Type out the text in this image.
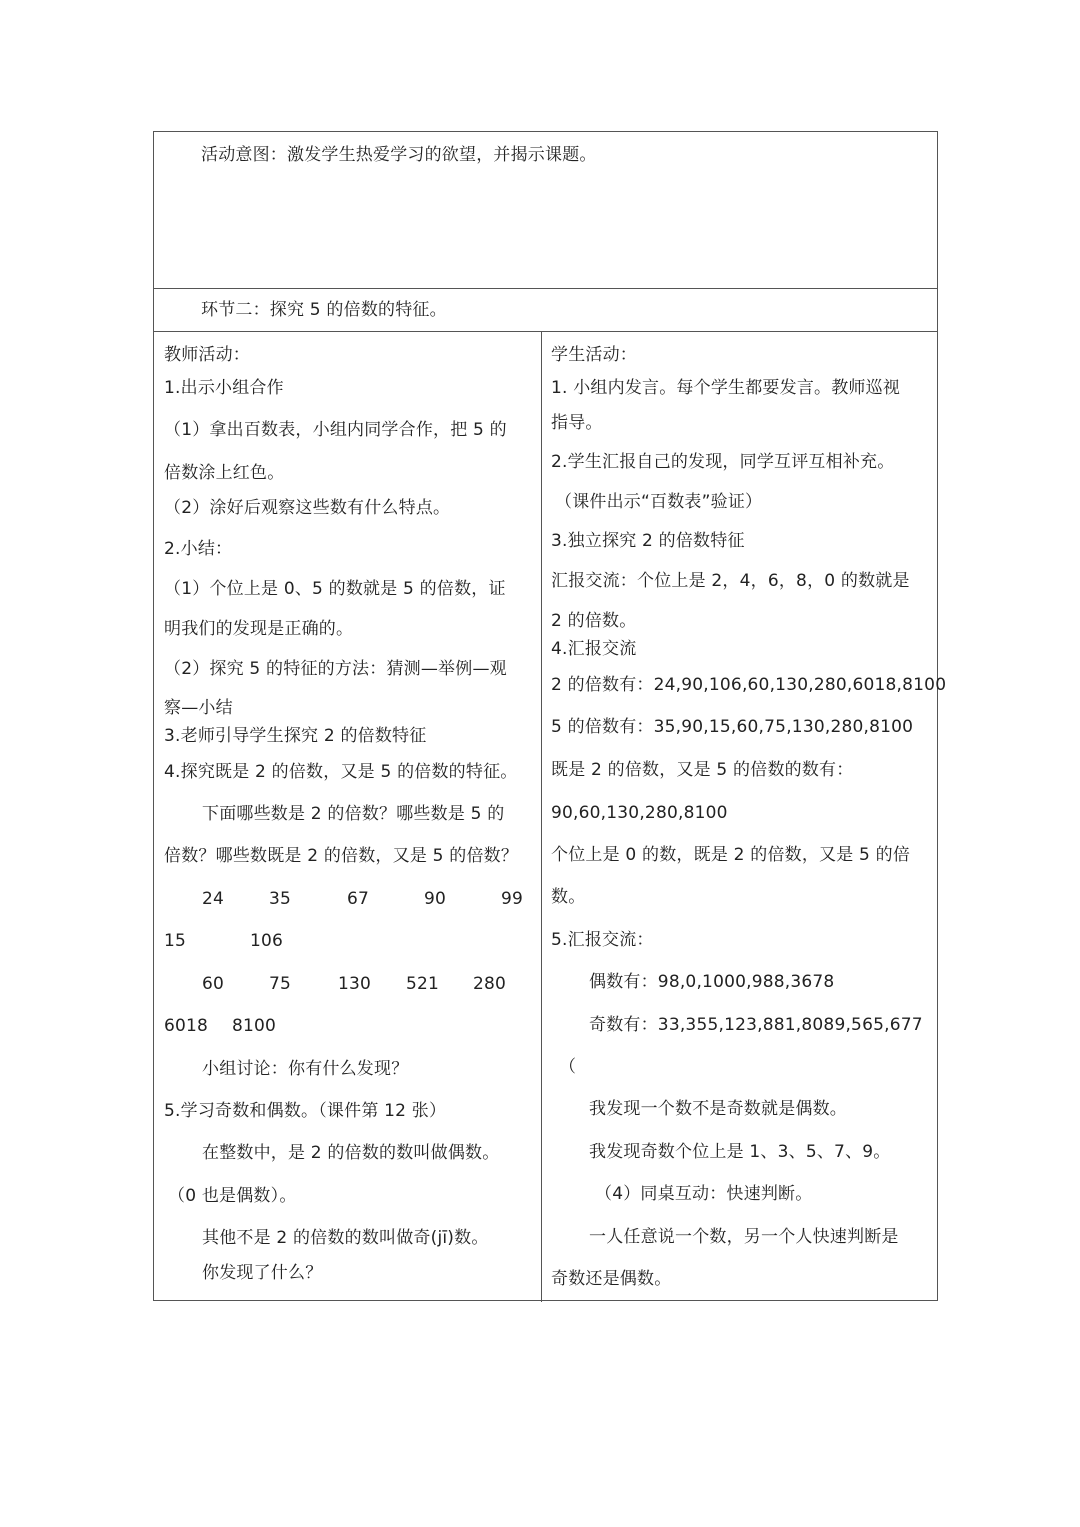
活动意图：激发学生热爱学习的欲望，并揭示课题。
环节二：探究 5 的倍数的特征。
教师活动：
1.出示小组合作
（1）拿出百数表，小组内同学合作，把 5 的
倍数涂上红色。
（2）涂好后观察这些数有什么特点。
2.小结：
（1）个位上是 0、5 的数就是 5 的倍数，证
明我们的发现是正确的。
（2）探究 5 的特征的方法：猜测—举例—观
察—小结
3.老师引导学生探究 2 的倍数特征
4.探究既是 2 的倍数，又是 5 的倍数的特征。
下面哪些数是 2 的倍数？哪些数是 5 的
倍数？哪些数既是 2 的倍数，又是 5 的倍数？
24	35	67	90	99
15	106
60	75	130 521 280
6018 8100
小组讨论：你有什么发现？
5.学习奇数和偶数。（课件第 12 张）
在整数中，是 2 的倍数的数叫做偶数。
（0 也是偶数）。
其他不是 2 的倍数的数叫做奇(jī)数。
你发现了什么？
学生活动：
1. 小组内发言。每个学生都要发言。教师巡视
指导。
2.学生汇报自己的发现，同学互评互相补充。
（课件出示“百数表”验证）
3.独立探究 2 的倍数特征
汇报交流：个位上是 2，4，6，8，0 的数就是
2 的倍数。
4.汇报交流
2 的倍数有：24,90,106,60,130,280,6018,8100
5 的倍数有：35,90,15,60,75,130,280,8100
既是 2 的倍数，又是 5 的倍数的数有：
90,60,130,280,8100
个位上是 0 的数，既是 2 的倍数，又是 5 的倍
数。
5.汇报交流：
偶数有：98,0,1000,988,3678
奇数有：33,355,123,881,8089,565,677
（
我发现一个数不是奇数就是偶数。
我发现奇数个位上是 1、3、5、7、9。
（4）同桌互动：快速判断。
一人任意说一个数，另一个人快速判断是
奇数还是偶数。
